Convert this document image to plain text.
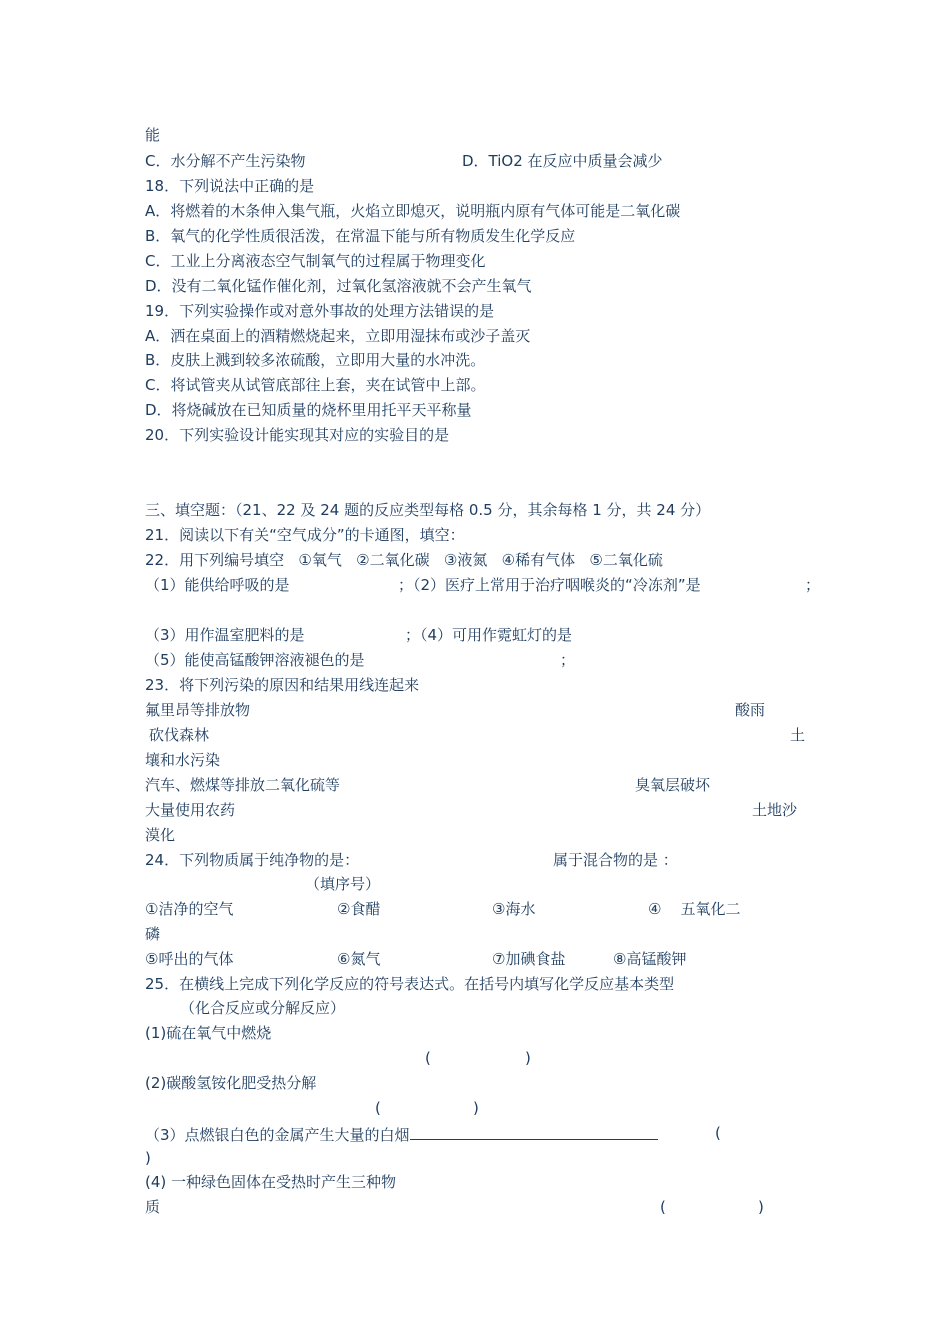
能
C．水分解不产生污染物	D．TiO2 在反应中质量会减少
18．下列说法中正确的是
A．将燃着的木条伸入集气瓶，火焰立即熄灭，说明瓶内原有气体可能是二氧化碳
B．氧气的化学性质很活泼，在常温下能与所有物质发生化学反应
C．工业上分离液态空气制氧气的过程属于物理变化
D．没有二氧化锰作催化剂，过氧化氢溶液就不会产生氧气
19．下列实验操作或对意外事故的处理方法错误的是
A．洒在桌面上的酒精燃烧起来，立即用湿抹布或沙子盖灭
B．皮肤上溅到较多浓硫酸，立即用大量的水冲洗。
C．将试管夹从试管底部往上套，夹在试管中上部。
D．将烧碱放在已知质量的烧杯里用托平天平称量
20．下列实验设计能实现其对应的实验目的是
三、填空题：（21、22 及 24 题的反应类型每格 0.5 分，其余每格 1 分，共 24 分）
21．阅读以下有关“空气成分”的卡通图，填空：
22．用下列编号填空   ①氧气   ②二氧化碳   ③液氮   ④稀有气体   ⑤二氧化硫
（1）能供给呼吸的是	；（2）医疗上常用于治疗咽喉炎的“冷冻剂”是	；
（3）用作温室肥料的是	；（4）可用作霓虹灯的是
（5）能使高锰酸钾溶液褪色的是	；
23．将下列污染的原因和结果用线连起来
氟里昂等排放物	酸雨
砍伐森林	土
壤和水污染
汽车、燃煤等排放二氧化硫等	臭氧层破坏
大量使用农药	土地沙
漠化
24．下列物质属于纯净物的是：	属于混合物的是 ：
（填序号）
①洁净的空气	②食醋	③海水	④    五氧化二
磷
⑤呼出的气体	⑥氮气	⑦加碘食盐	⑧高锰酸钾
25．在横线上完成下列化学反应的符号表达式。在括号内填写化学反应基本类型
（化合反应或分解反应）
(1)硫在氧气中燃烧
(	)
(2)碳酸氢铵化肥受热分解
(	)
（3）点燃银白色的金属产生大量的白烟	(
)
(4) 一种绿色固体在受热时产生三种物
质	(	)
